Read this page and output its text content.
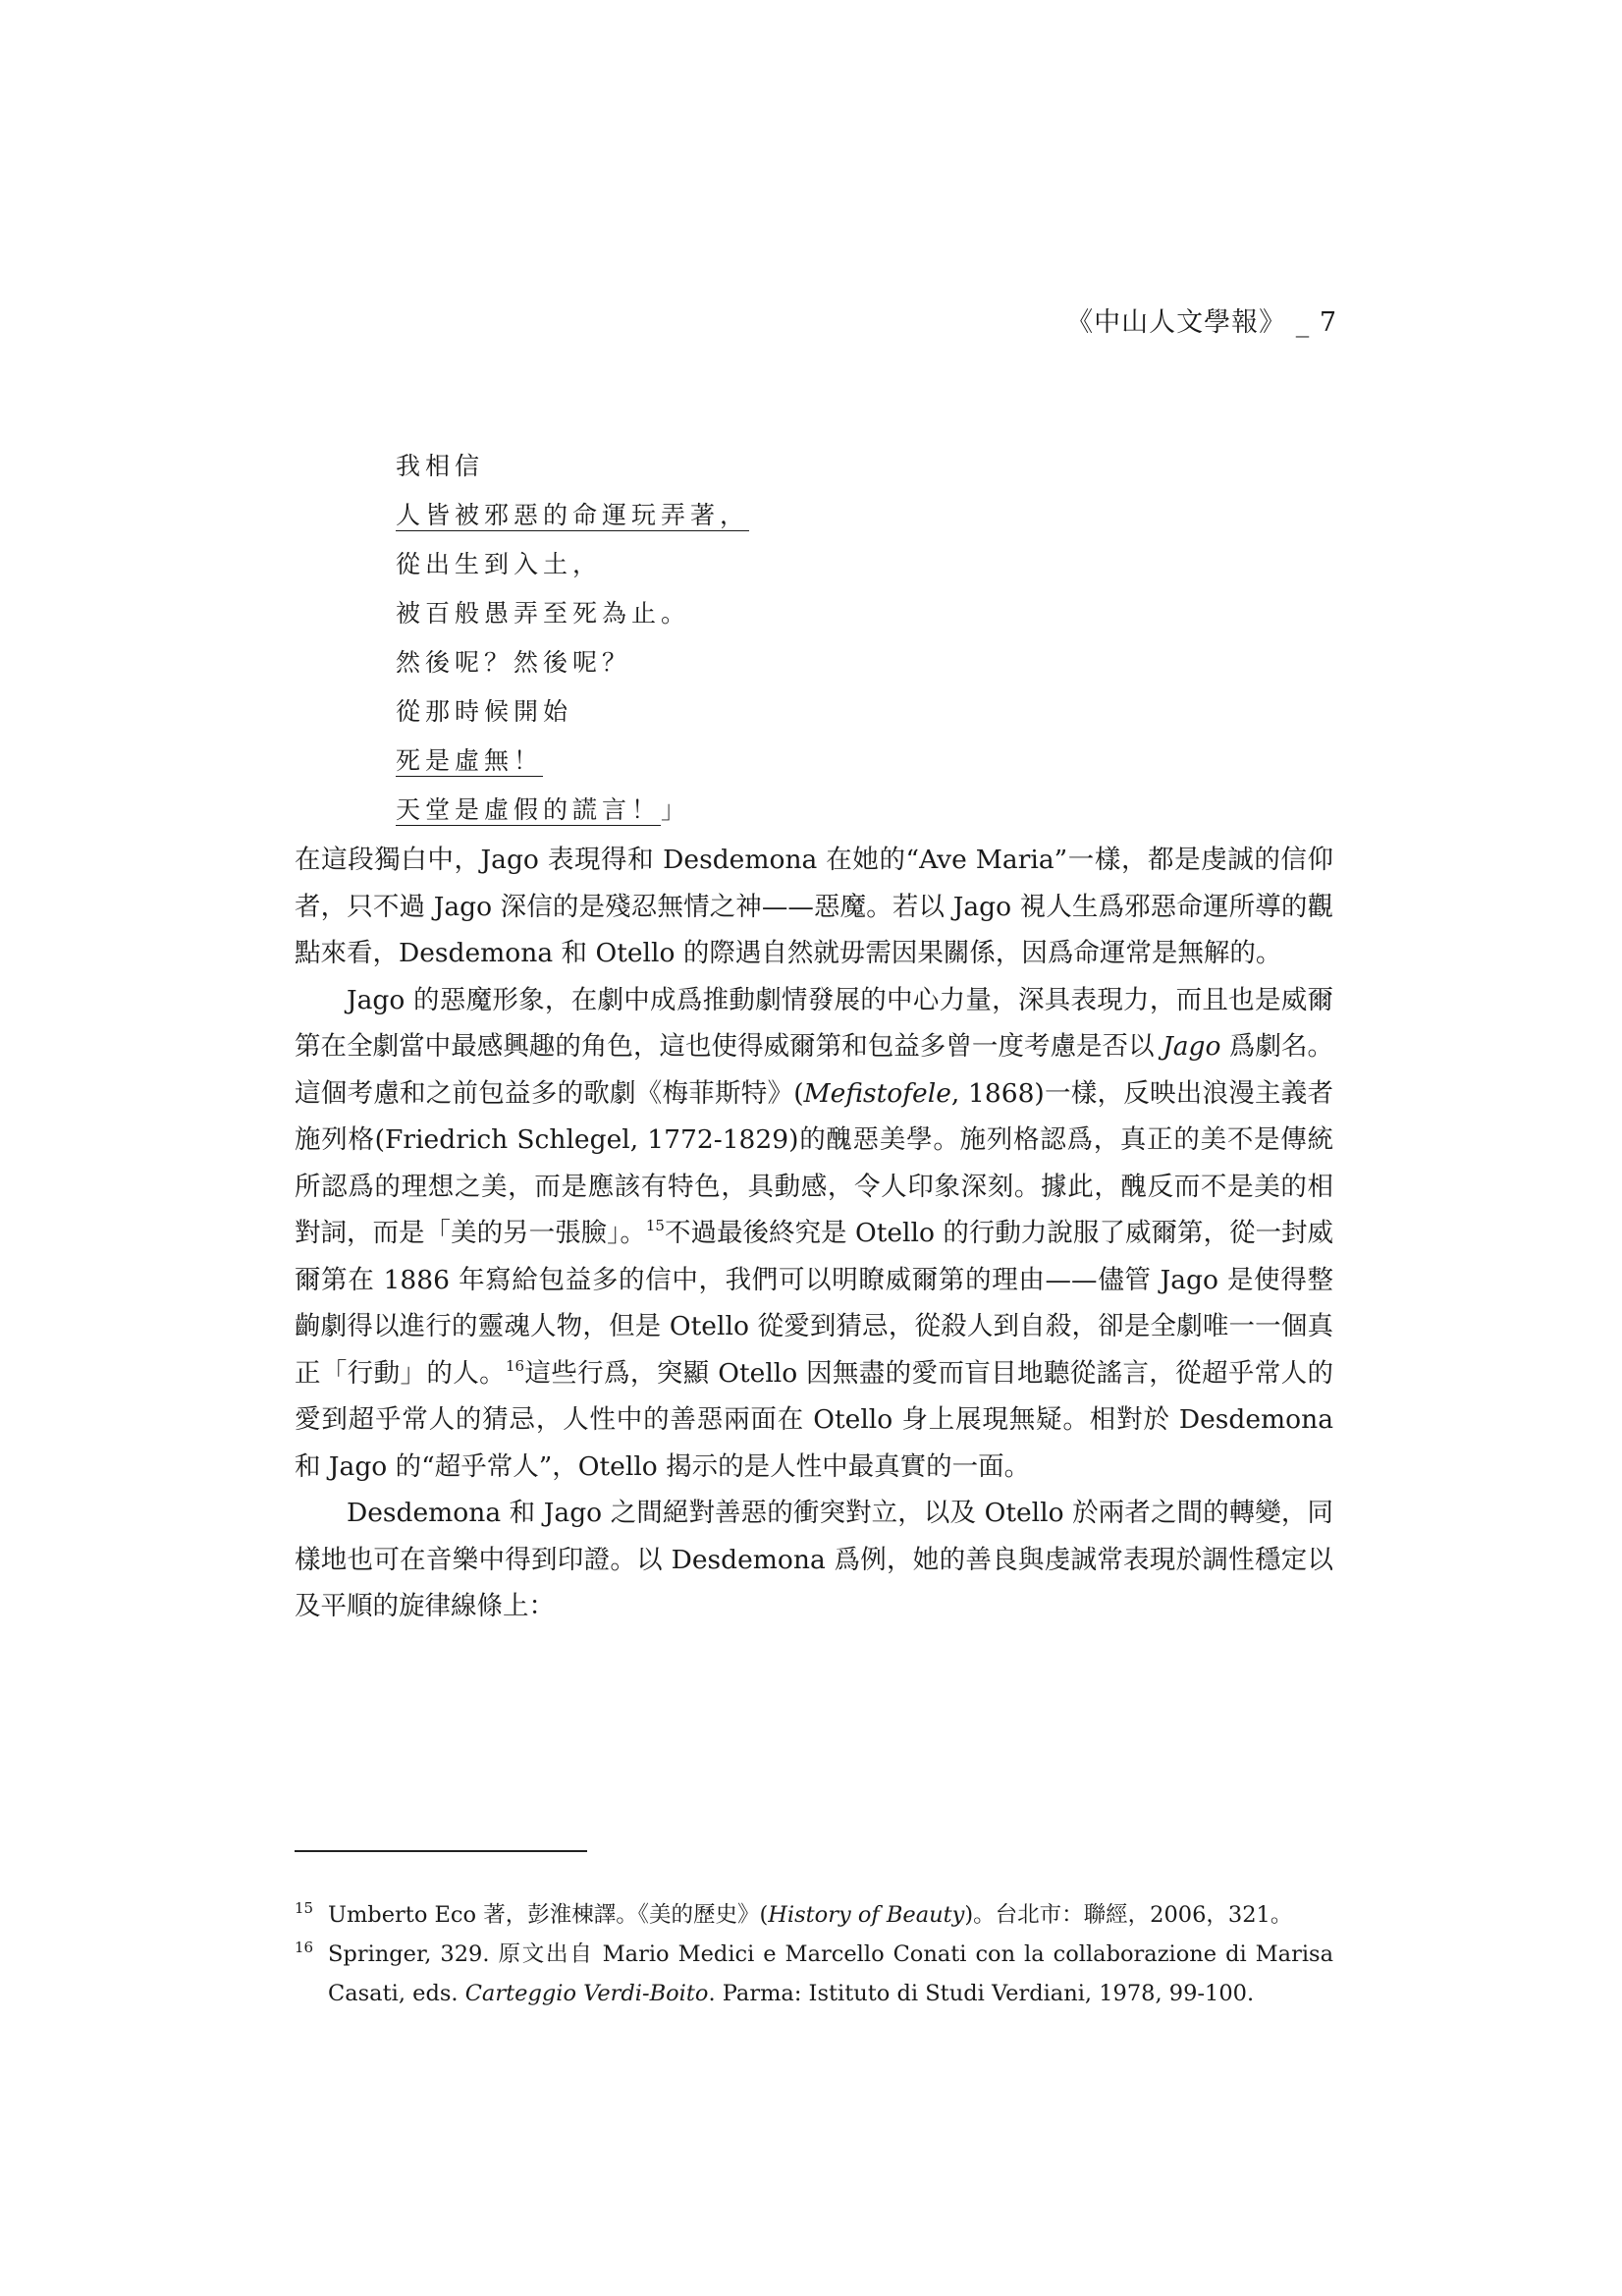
《中山人文學報》 _ 7
我相信
人皆被邪惡的命運玩弄著，
從出生到入土，
被百般愚弄至死為止。
然後呢？然後呢？
從那時候開始
死是虛無！
天堂是虛假的謊言！」

在這段獨白中，Jago 表現得和 Desdemona 在她的“Ave Maria”一樣，都是虔誠的信仰者，只不過 Jago 深信的是殘忍無情之神——惡魔。若以 Jago 視人生爲邪惡命運所導的觀點來看，Desdemona 和 Otello 的際遇自然就毋需因果關係，因爲命運常是無解的。

Jago 的惡魔形象，在劇中成爲推動劇情發展的中心力量，深具表現力，而且也是威爾第在全劇當中最感興趣的角色，這也使得威爾第和包益多曾一度考慮是否以 Jago 爲劇名。這個考慮和之前包益多的歌劇《梅菲斯特》(Mefistofele, 1868)一樣，反映出浪漫主義者施列格(Friedrich Schlegel, 1772-1829)的醜惡美學。施列格認爲，真正的美不是傳統所認爲的理想之美，而是應該有特色，具動感，令人印象深刻。據此，醜反而不是美的相對詞，而是「美的另一張臉」。$^{15}$不過最後終究是 Otello 的行動力說服了威爾第，從一封威爾第在 1886 年寫給包益多的信中，我們可以明瞭威爾第的理由——儘管 Jago 是使得整齣劇得以進行的靈魂人物，但是 Otello 從愛到猜忌，從殺人到自殺，卻是全劇唯一一個真正「行動」的人。$^{16}$這些行爲，突顯 Otello 因無盡的愛而盲目地聽從謠言，從超乎常人的愛到超乎常人的猜忌，人性中的善惡兩面在 Otello 身上展現無疑。相對於 Desdemona 和 Jago 的“超乎常人”，Otello 揭示的是人性中最真實的一面。

Desdemona 和 Jago 之間絕對善惡的衝突對立，以及 Otello 於兩者之間的轉變，同樣地也可在音樂中得到印證。以 Desdemona 爲例，她的善良與虔誠常表現於調性穩定以及平順的旋律線條上：

15 Umberto Eco 著，彭淮棟譯。《美的歷史》(History of Beauty)。台北市：聯經，2006，321。
16 Springer, 329. 原文出自 Mario Medici e Marcello Conati con la collaborazione di Marisa Casati, eds. Carteggio Verdi-Boito. Parma: Istituto di Studi Verdiani, 1978, 99-100.
